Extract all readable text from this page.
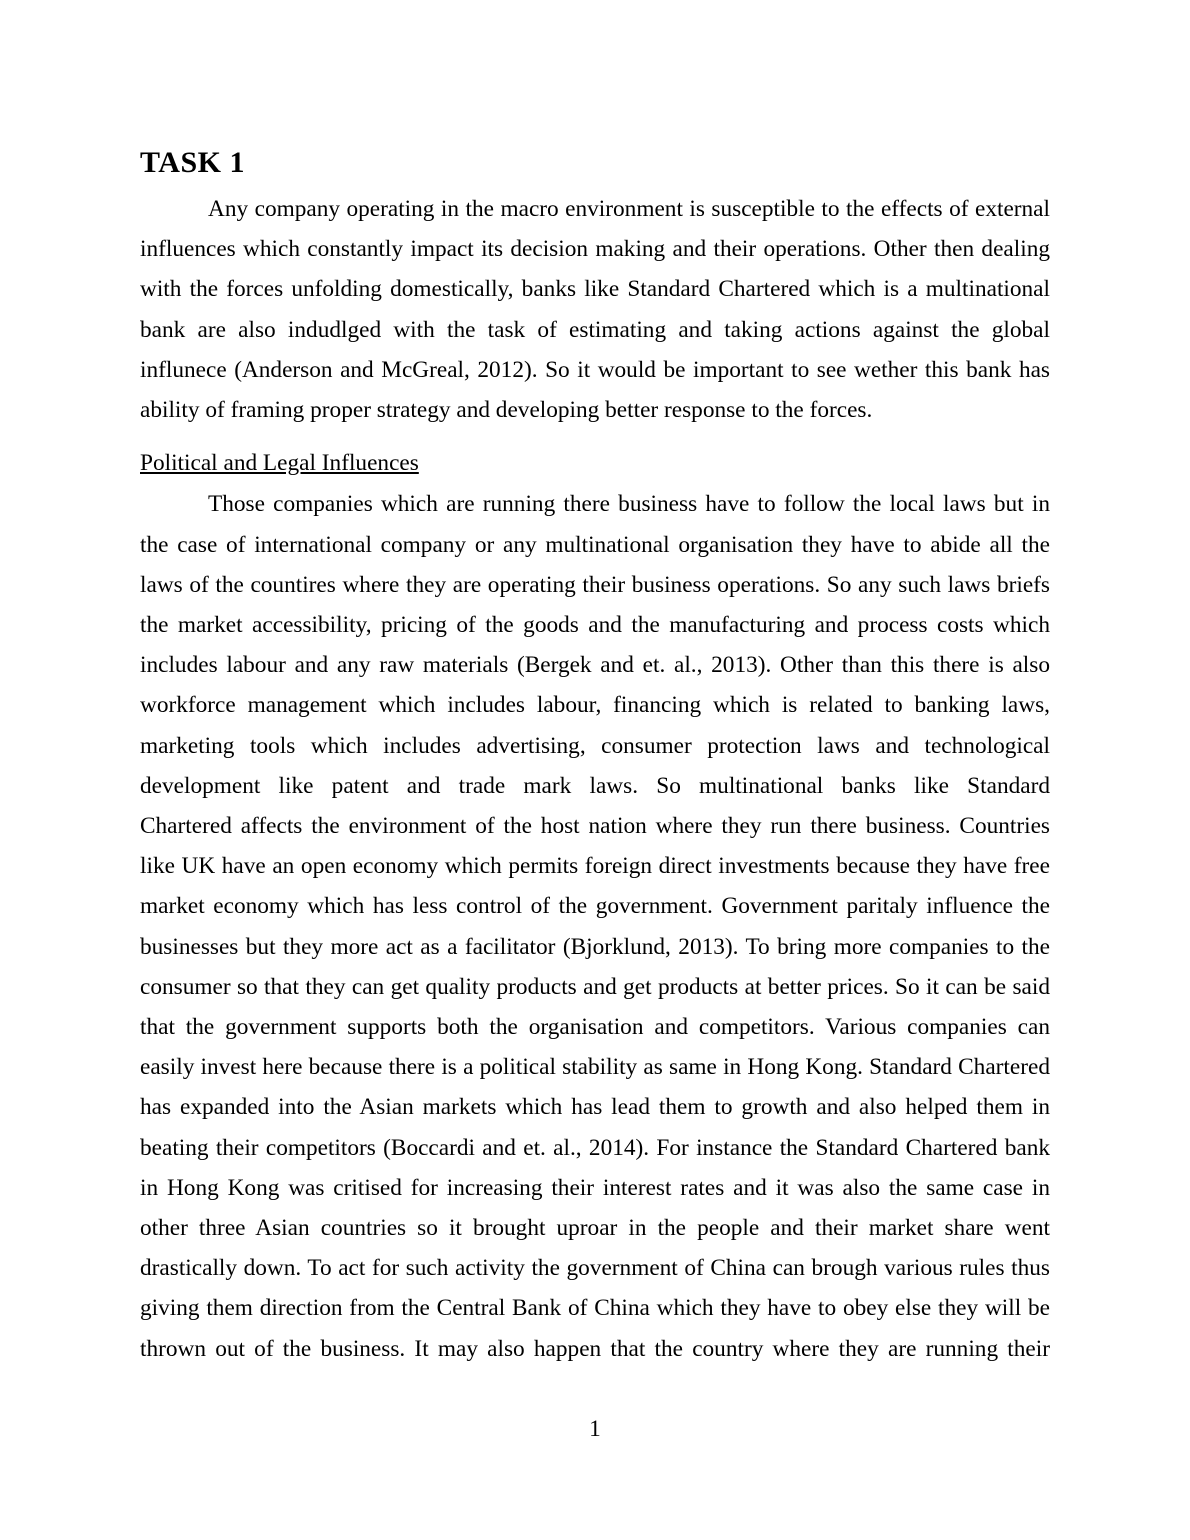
TASK 1
Any company operating in the macro environment is susceptible to the effects of external
influences which constantly impact its decision making and their operations. Other then dealing
with the forces unfolding domestically, banks like Standard Chartered which is a multinational
bank are also indudlged with the task of estimating and taking actions against the global
influnece (Anderson and McGreal, 2012). So it would be important to see wether this bank has
ability of framing proper strategy and developing better response to the forces.
Political and Legal Influences
Those companies which are running there business have to follow the local laws but in
the case of international company or any multinational organisation they have to abide all the
laws of the countires where they are operating their business operations. So any such laws briefs
the market accessibility, pricing of the goods and the manufacturing and process costs which
includes labour and any raw materials (Bergek and et. al., 2013). Other than this there is also
workforce management which includes labour, financing which is related to banking laws,
marketing tools which includes advertising, consumer protection laws and technological
development like patent and trade mark laws. So multinational banks like Standard
Chartered affects the environment of the host nation where they run there business. Countries
like UK have an open economy which permits foreign direct investments because they have free
market economy which has less control of the government. Government paritaly influence the
businesses but they more act as a facilitator (Bjorklund, 2013). To bring more companies to the
consumer so that they can get quality products and get products at better prices. So it can be said
that the government supports both the organisation and competitors. Various companies can
easily invest here because there is a political stability as same in Hong Kong. Standard Chartered
has expanded into the Asian markets which has lead them to growth and also helped them in
beating their competitors (Boccardi and et. al., 2014). For instance the Standard Chartered bank
in Hong Kong was critised for increasing their interest rates and it was also the same case in
other three Asian countries so it brought uproar in the people and their market share went
drastically down. To act for such activity the government of China can brough various rules thus
giving them direction from the Central Bank of China which they have to obey else they will be
thrown out of the business. It may also happen that the country where they are running their
1
